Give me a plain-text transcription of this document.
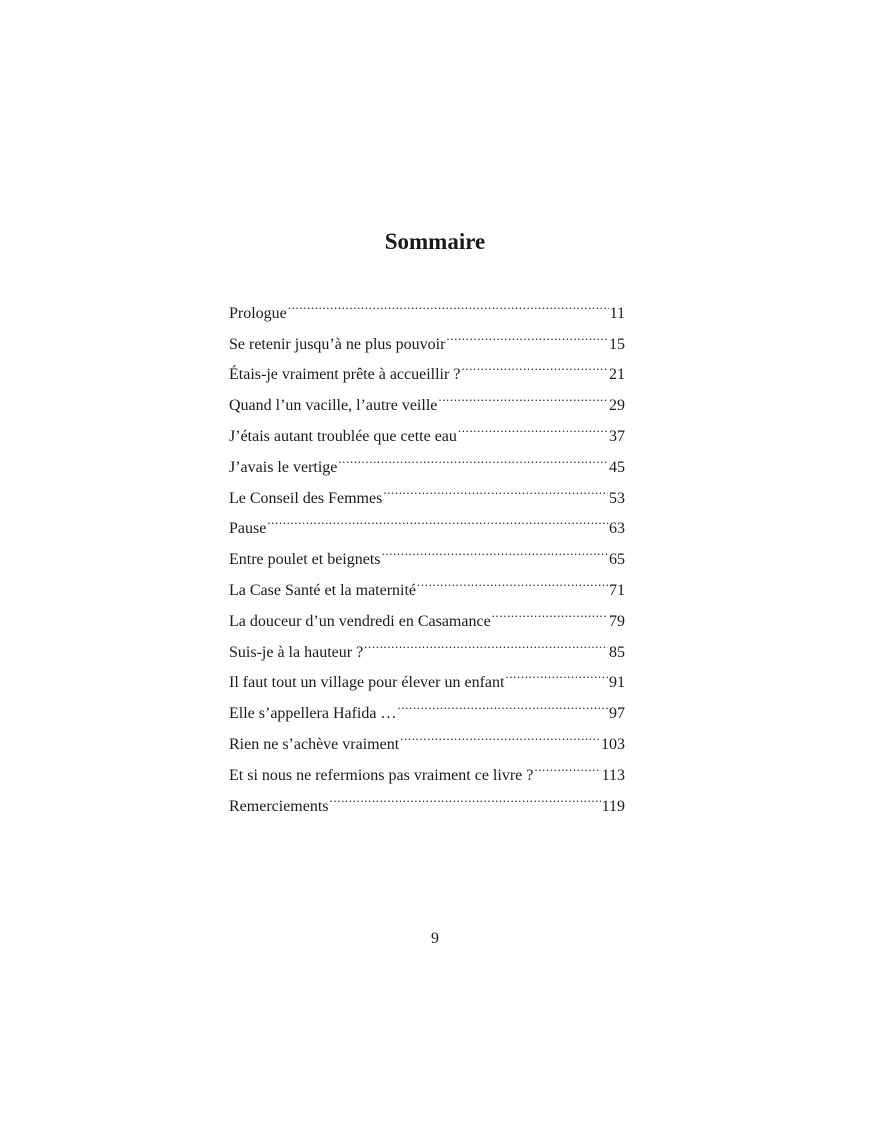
Sommaire
Prologue .....	11
Se retenir jusqu’à ne plus pouvoir .....	15
Étais-je vraiment prête à accueillir ? .....	21
Quand l’un vacille, l’autre veille .....	29
J’étais autant troublée que cette eau .....	37
J’avais le vertige .....	45
Le Conseil des Femmes .....	53
Pause .....	63
Entre poulet et beignets .....	65
La Case Santé et la maternité .....	71
La douceur d’un vendredi en Casamance .....	79
Suis-je à la hauteur ? .....	85
Il faut tout un village pour élever un enfant .....	91
Elle s’appellera Hafida … .....	97
Rien ne s’achève vraiment .....	103
Et si nous ne refermions pas vraiment ce livre ? .....	113
Remerciements .....	119
9
